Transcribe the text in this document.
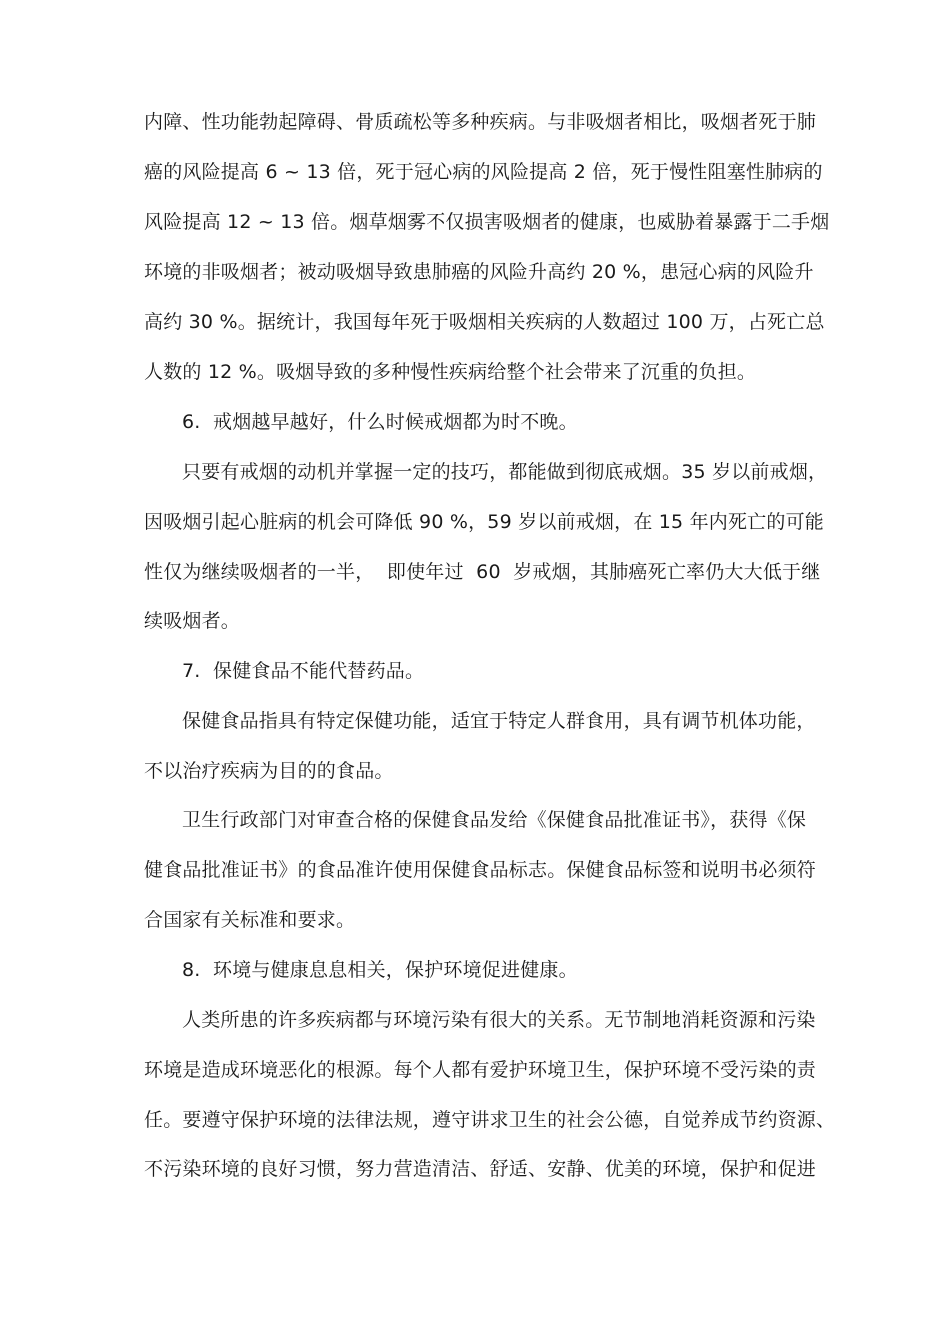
内障、性功能勃起障碍、骨质疏松等多种疾病。与非吸烟者相比，吸烟者死于肺
癌的风险提高 6 ~ 13 倍，死于冠心病的风险提高 2 倍，死于慢性阻塞性肺病的
风险提高 12 ~ 13 倍。烟草烟雾不仅损害吸烟者的健康，也威胁着暴露于二手烟
环境的非吸烟者；被动吸烟导致患肺癌的风险升高约 20 %，患冠心病的风险升
高约 30 %。据统计，我国每年死于吸烟相关疾病的人数超过 100 万，占死亡总
人数的 12 %。吸烟导致的多种慢性疾病给整个社会带来了沉重的负担。
6.  戒烟越早越好，什么时候戒烟都为时不晚。
只要有戒烟的动机并掌握一定的技巧，都能做到彻底戒烟。35 岁以前戒烟，
因吸烟引起心脏病的机会可降低 90 %，59 岁以前戒烟，在 15 年内死亡的可能
性仅为继续吸烟者的一半，  即使年过  60  岁戒烟，其肺癌死亡率仍大大低于继
续吸烟者。
7.  保健食品不能代替药品。
保健食品指具有特定保健功能，适宜于特定人群食用，具有调节机体功能，
不以治疗疾病为目的的食品。
卫生行政部门对审查合格的保健食品发给《保健食品批准证书》，获得《保
健食品批准证书》的食品准许使用保健食品标志。保健食品标签和说明书必须符
合国家有关标准和要求。
8.  环境与健康息息相关，保护环境促进健康。
人类所患的许多疾病都与环境污染有很大的关系。无节制地消耗资源和污染
环境是造成环境恶化的根源。每个人都有爱护环境卫生，保护环境不受污染的责
任。要遵守保护环境的法律法规，遵守讲求卫生的社会公德，自觉养成节约资源、
不污染环境的良好习惯，努力营造清洁、舒适、安静、优美的环境，保护和促进
